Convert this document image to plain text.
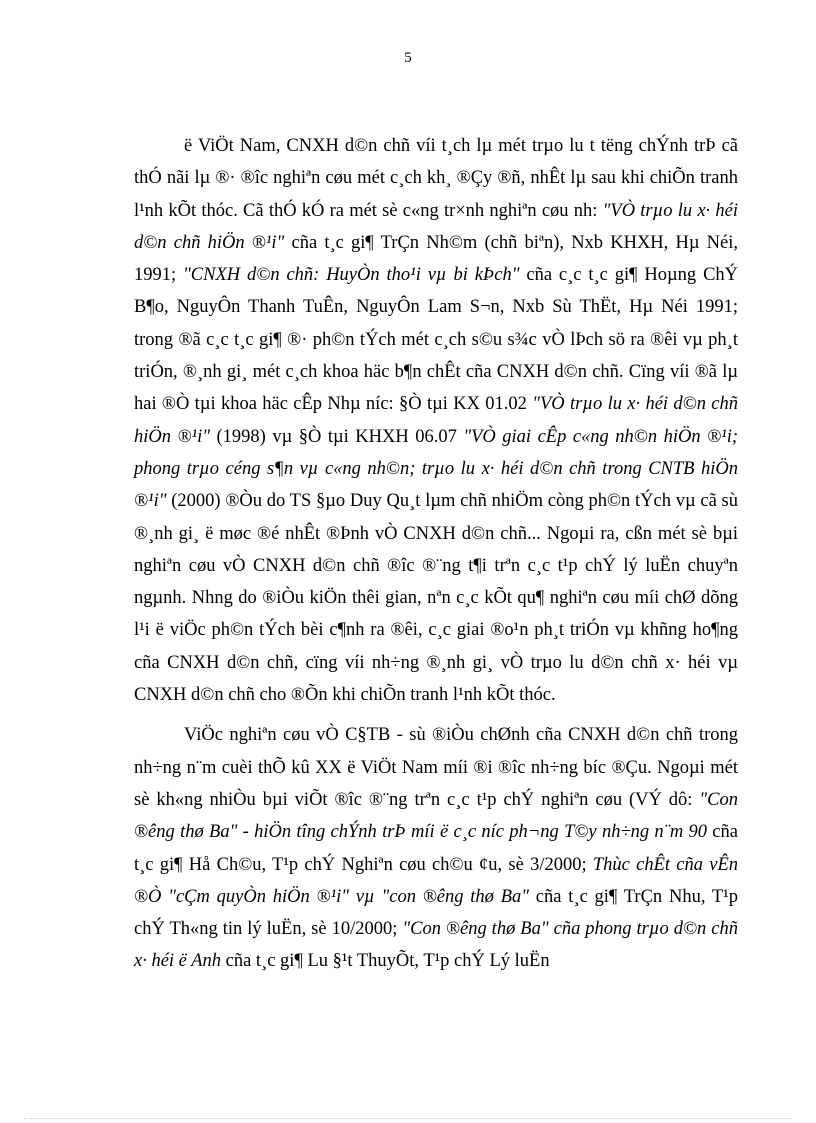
5

ë ViÖt Nam, CNXH d©n chñ víi t¸ch lµ mét trµo lu t tëng chÝnh trÞ cã thÓ nãi lµ ®· ®îc nghiªn cøu mét c¸ch kh¸ ®Çy ®ñ, nhÊt lµ sau khi chiÕn tranh l¹nh kÕt thóc. Cã thÓ kÓ ra mét sè c«ng tr×nh nghiªn cøu nh: "VÒ trµo lu x· héi d©n chñ hiÖn ®¹i" cña t¸c gi¶ TrÇn Nh©m (chñ biªn), Nxb KHXH, Hµ Néi, 1991; "CNXH d©n chñ: HuyÒn tho¹i vµ bi kÞch" cña c¸c t¸c gi¶ Hoµng ChÝ B¶o, NguyÔn Thanh TuÊn, NguyÔn Lam S¬n, Nxb Sù ThËt, Hµ Néi 1991; trong ®ã c¸c t¸c gi¶ ®· ph©n tÝch mét c¸ch s©u s¾c vÒ lÞch sö ra ®êi vµ ph¸t triÓn, ®¸nh gi¸ mét c¸ch khoa häc b¶n chÊt cña CNXH d©n chñ. Cïng víi ®ã lµ hai ®Ò tµi khoa häc cÊp Nhµ níc: §Ò tµi KX 01.02 "VÒ trµo lu x· héi d©n chñ hiÖn ®¹i" (1998) vµ §Ò tµi KHXH 06.07 "VÒ giai cÊp c«ng nh©n hiÖn ®¹i; phong trµo céng s¶n vµ c«ng nh©n; trµo lu x· héi d©n chñ trong CNTB hiÖn ®¹i" (2000) ®Òu do TS §µo Duy Qu¸t lµm chñ nhiÖm còng ph©n tÝch vµ cã sù ®¸nh gi¸ ë møc ®é nhÊt ®Þnh vÒ CNXH d©n chñ... Ngoµi ra, cßn mét sè bµi nghiªn cøu vÒ CNXH d©n chñ ®îc ®¨ng t¶i trªn c¸c t¹p chÝ lý luËn chuyªn ngµnh. Nhng do ®iÒu kiÖn thêi gian, nªn c¸c kÕt qu¶ nghiªn cøu míi chØ dõng l¹i ë viÖc ph©n tÝch bèi c¶nh ra ®êi, c¸c giai ®o¹n ph¸t triÓn vµ khñng ho¶ng cña CNXH d©n chñ, cïng víi nh÷ng ®¸nh gi¸ vÒ trµo lu d©n chñ x· héi vµ CNXH d©n chñ cho ®Õn khi chiÕn tranh l¹nh kÕt thóc.

ViÖc nghiªn cøu vÒ C§TB - sù ®iÒu chØnh cña CNXH d©n chñ trong nh÷ng n¨m cuèi thÕ kû XX ë ViÖt Nam míi ®i ®îc nh÷ng bíc ®Çu. Ngoµi mét sè kh«ng nhiÒu bµi viÕt ®îc ®¨ng trªn c¸c t¹p chÝ nghiªn cøu (VÝ dô: "Con ®êng thø Ba" - hiÖn tîng chÝnh trÞ míi ë c¸c níc ph¬ng T©y nh÷ng n¨m 90 cña t¸c gi¶ Hå Ch©u, T¹p chÝ Nghiªn cøu ch©u ¢u, sè 3/2000; Thùc chÊt cña vÊn ®Ò "cÇm quyÒn hiÖn ®¹i" vµ "con ®êng thø Ba" cña t¸c gi¶ TrÇn Nhu, T¹p chÝ Th«ng tin lý luËn, sè 10/2000; "Con ®êng thø Ba" cña phong trµo d©n chñ x· héi ë Anh cña t¸c gi¶ Lu §¹t ThuyÕt, T¹p chÝ Lý luËn
